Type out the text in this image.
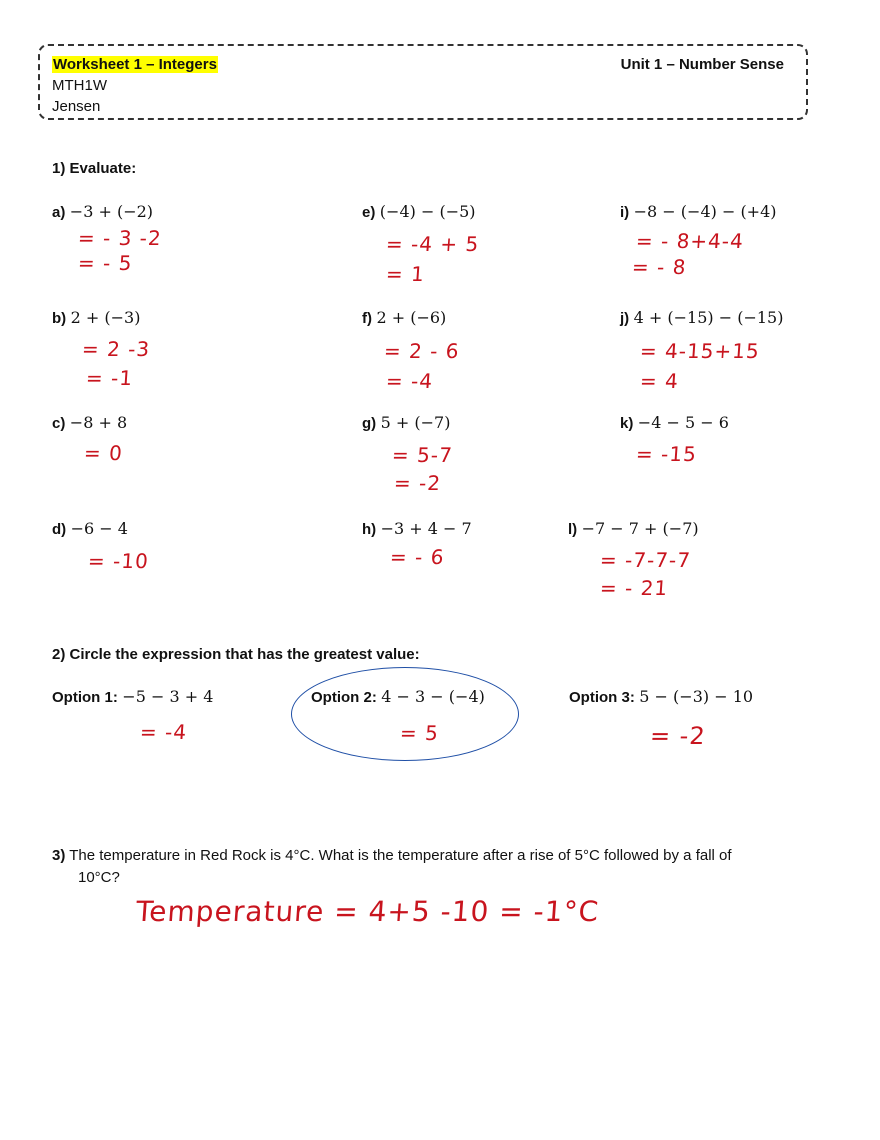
Worksheet 1 – Integers	Unit 1 – Number Sense
MTH1W
Jensen
1) Evaluate:
a) −3 + (−2)
= - 3 -2
= - 5
b) 2 + (−3)
= 2 -3
= -1
c) −8 + 8
= 0
d) −6 − 4
= -10
e) (−4) − (−5)
= -4 + 5
= 1
f) 2 + (−6)
= 2 - 6
= -4
g) 5 + (−7)
= 5-7
= -2
h) −3 + 4 − 7
= - 6
i) −8 − (−4) − (+4)
= - 8+4-4
= - 8
j) 4 + (−15) − (−15)
= 4-15+15
= 4
k) −4 − 5 − 6
= -15
l) −7 − 7 + (−7)
= -7-7-7
= - 21
2) Circle the expression that has the greatest value:
Option 1: −5 − 3 + 4
= -4
Option 2: 4 − 3 − (−4)
= 5
Option 3: 5 − (−3) − 10
= -2
3) The temperature in Red Rock is 4°C. What is the temperature after a rise of 5°C followed by a fall of
10°C?
Temperature = 4+5 -10 = -1°C
